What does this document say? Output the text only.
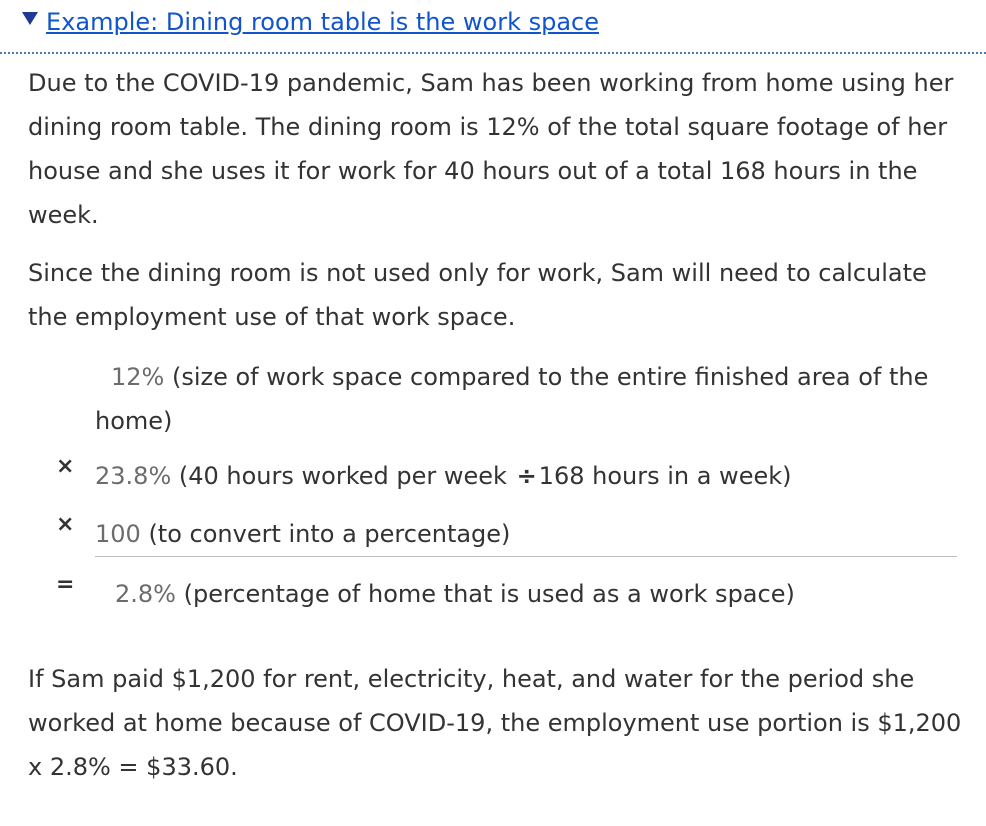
Example: Dining room table is the work space

Due to the COVID-19 pandemic, Sam has been working from home using her dining room table. The dining room is 12% of the total square footage of her house and she uses it for work for 40 hours out of a total 168 hours in the week.

Since the dining room is not used only for work, Sam will need to calculate the employment use of that work space.

12% (size of work space compared to the entire finished area of the home)
× 23.8% (40 hours worked per week ÷168 hours in a week)
× 100 (to convert into a percentage)
= 2.8% (percentage of home that is used as a work space)

If Sam paid $1,200 for rent, electricity, heat, and water for the period she worked at home because of COVID-19, the employment use portion is $1,200 x 2.8% = $33.60.
